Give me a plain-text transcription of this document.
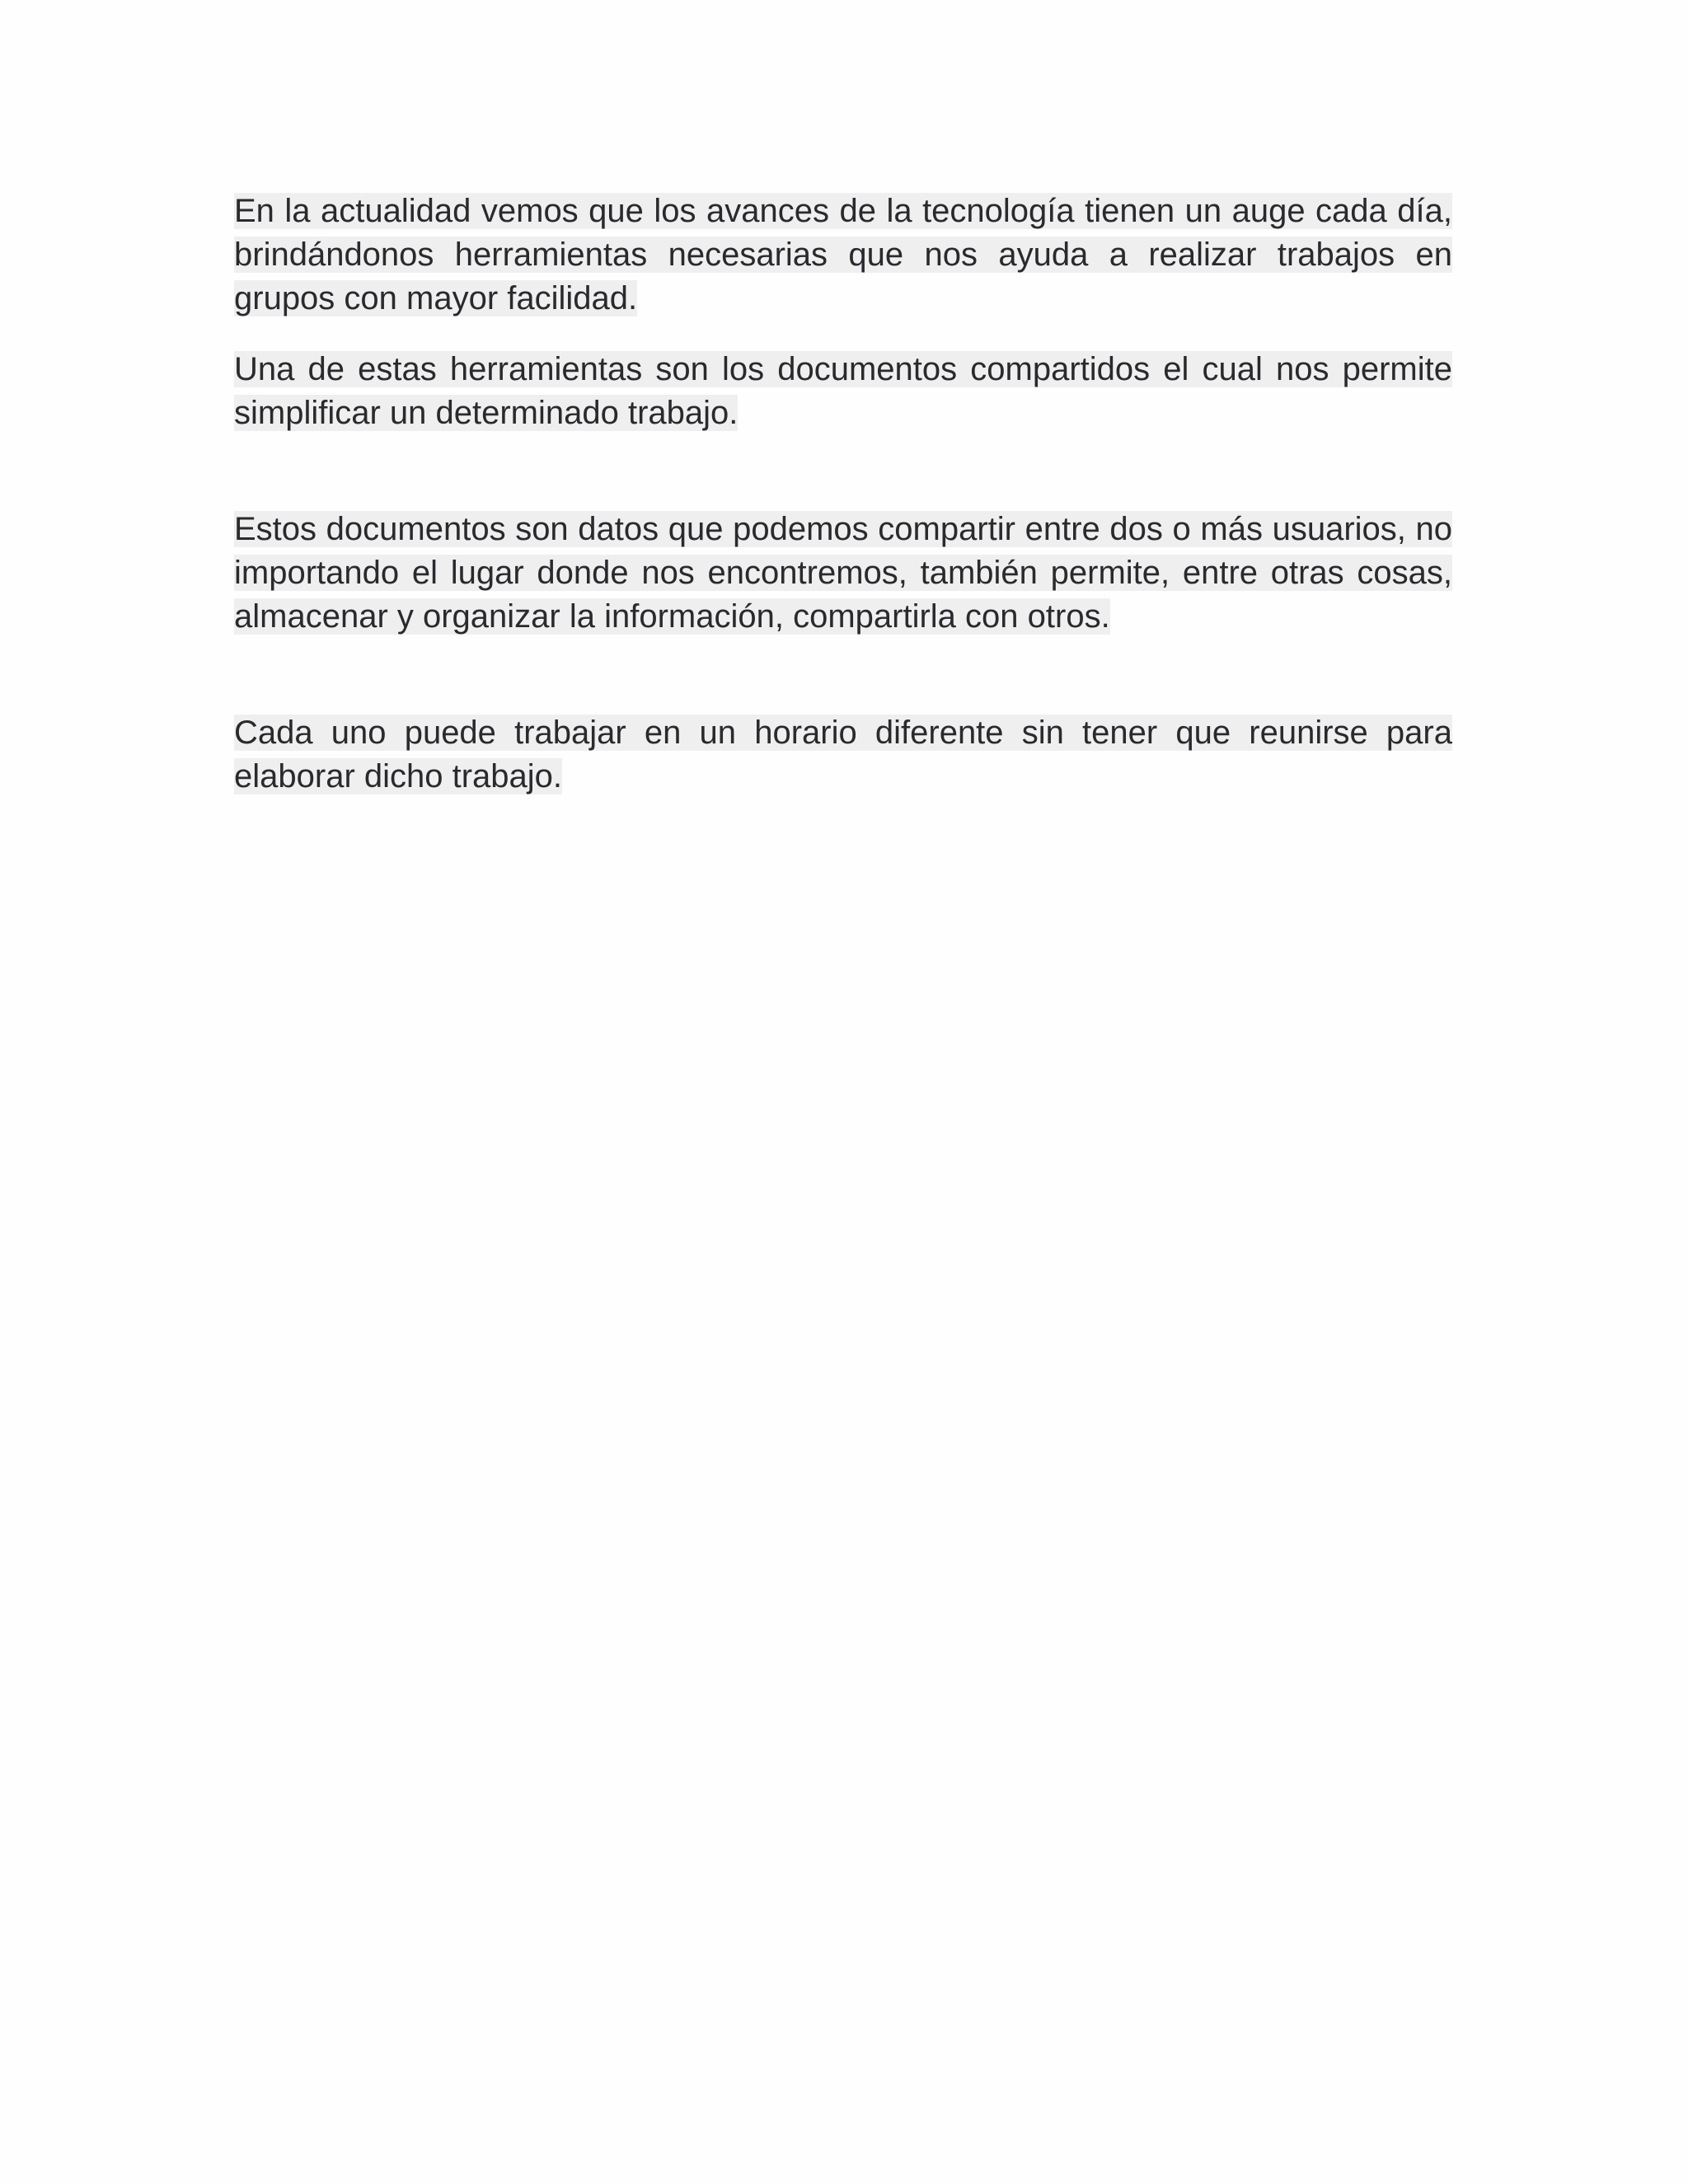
En la actualidad vemos que los avances de la tecnología tienen un auge cada día, brindándonos herramientas necesarias que nos ayuda a realizar trabajos en grupos con mayor facilidad.

Una de estas herramientas son los documentos compartidos el cual nos permite simplificar un determinado trabajo.

Estos documentos son datos que podemos compartir entre dos o más usuarios, no importando el lugar donde nos encontremos, también permite, entre otras cosas, almacenar y organizar la información, compartirla con otros.

Cada uno puede trabajar en un horario diferente sin tener que reunirse para elaborar dicho trabajo.
